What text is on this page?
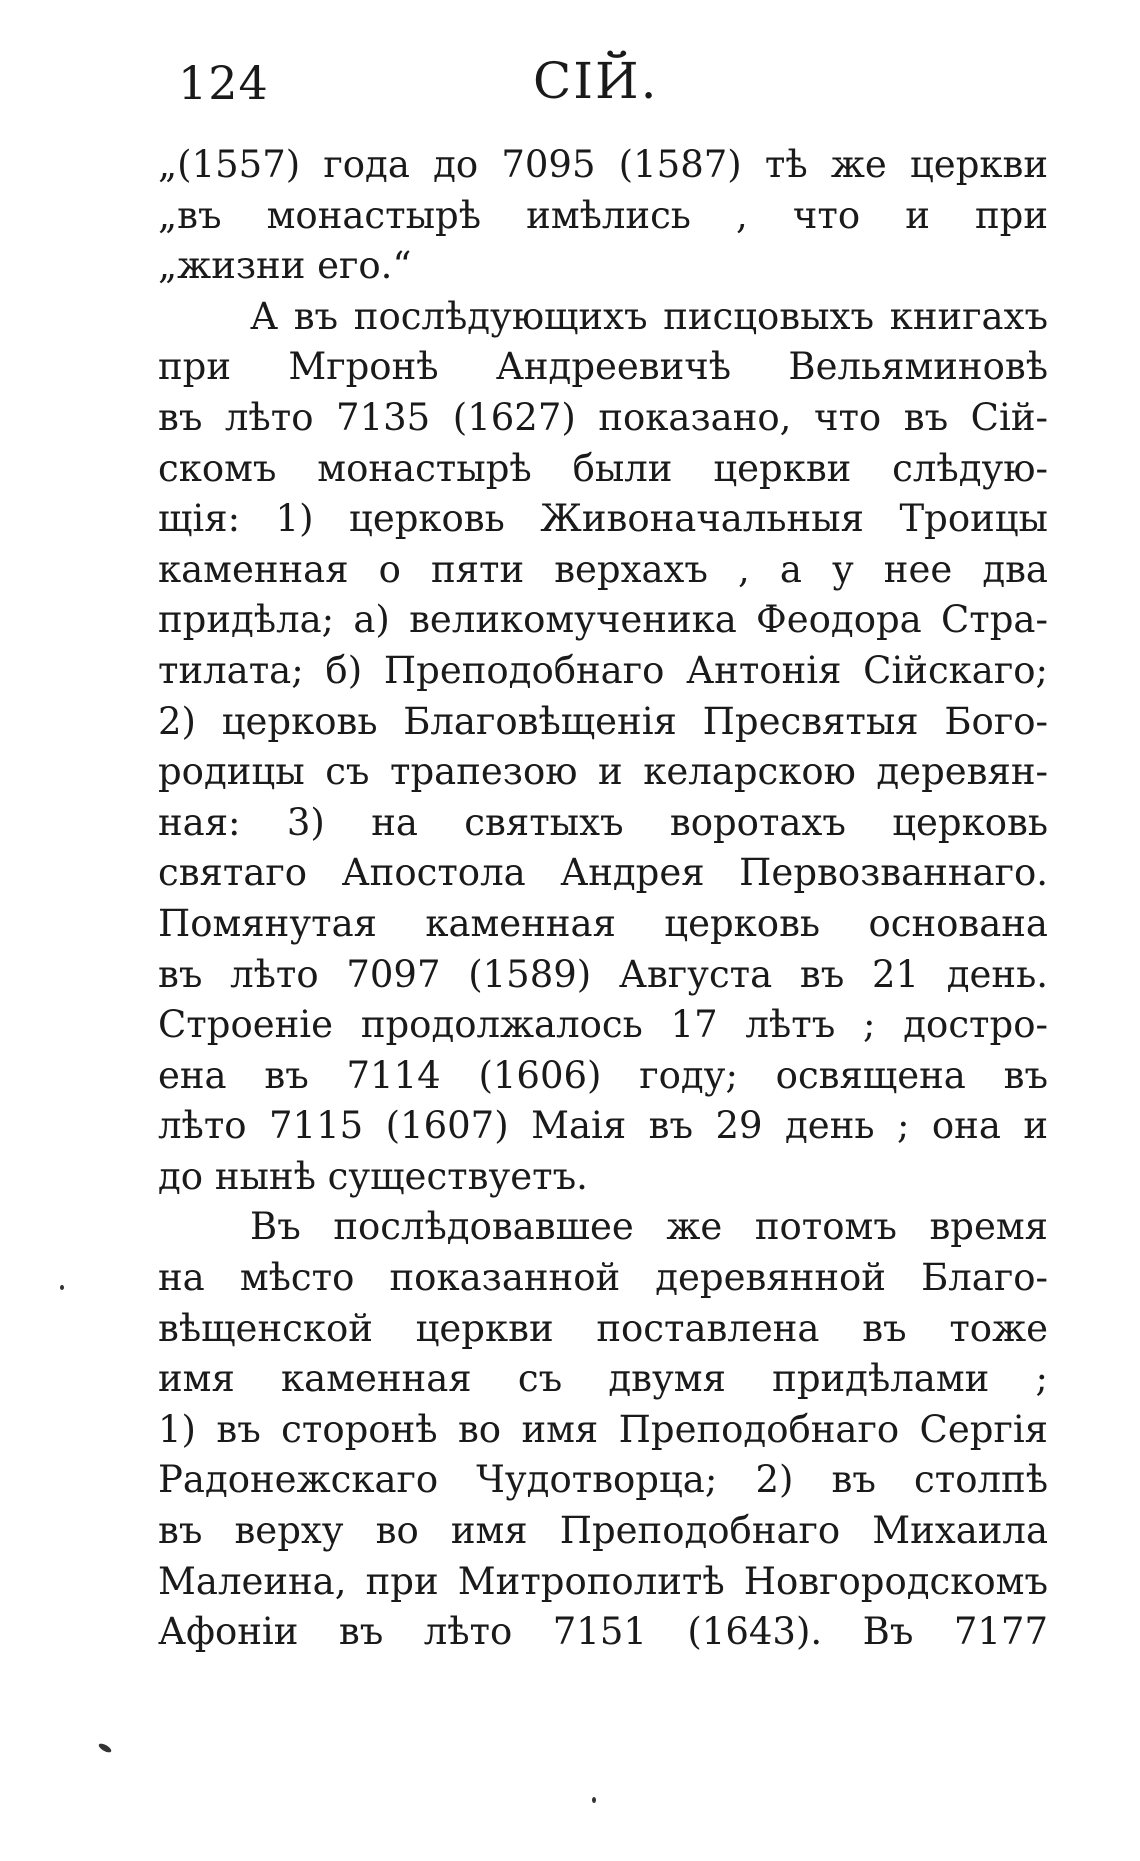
124	СІЙ.
„(1557) года до 7095 (1587) тѣ же церкви
„въ монастырѣ имѣлись , что и при
„жизни его.“
А въ послѣдующихъ писцовыхъ книгахъ
при Мгронѣ Андреевичѣ Вельяминовѣ
въ лѣто 7135 (1627) показано, что въ Сій-
скомъ монастырѣ были церкви слѣдую-
щія: 1) церковь Живоначальныя Троицы
каменная о пяти верхахъ , а у нее два
придѣла; а) великомученика Феодора Стра-
тилата; б) Преподобнаго Антонія Сійскаго;
2) церковь Благовѣщенія Пресвятыя Бого-
родицы съ трапезою и келарскою деревян-
ная: 3) на святыхъ воротахъ церковь
святаго Апостола Андрея Первозваннаго.
Помянутая каменная церковь основана
въ лѣто 7097 (1589) Августа въ 21 день.
Строеніе продолжалось 17 лѣтъ ; достро-
ена въ 7114 (1606) году; освящена въ
лѣто 7115 (1607) Маія въ 29 день ; она и
до нынѣ существуетъ.
Въ послѣдовавшее же потомъ время
на мѣсто показанной деревянной Благо-
вѣщенской церкви поставлена въ тоже
имя каменная съ двумя придѣлами ;
1) въ сторонѣ во имя Преподобнаго Сергія
Радонежскаго Чудотворца; 2) въ столпѣ
въ верху во имя Преподобнаго Михаила
Малеина, при Митрополитѣ Новгородскомъ
Афоніи въ лѣто 7151 (1643). Въ 7177
